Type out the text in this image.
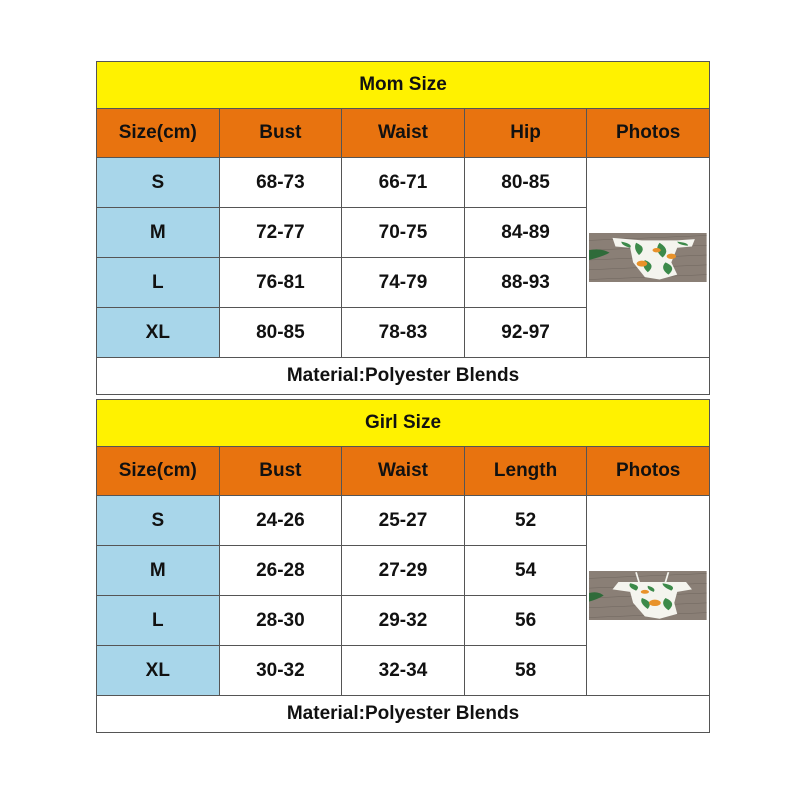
Mom Size				
Size(cm)	Bust	Waist	Hip	Photos
S	68-73	66-71	80-85	

M	72-77	70-75	84-89	
L	76-81	74-79	88-93	
XL	80-85	78-83	92-97	
Material:Polyester Blends				
Girl Size				
Size(cm)	Bust	Waist	Length	Photos
S	24-26	25-27	52	

M	26-28	27-29	54	
L	28-30	29-32	56	
XL	30-32	32-34	58	
Material:Polyester Blends				
